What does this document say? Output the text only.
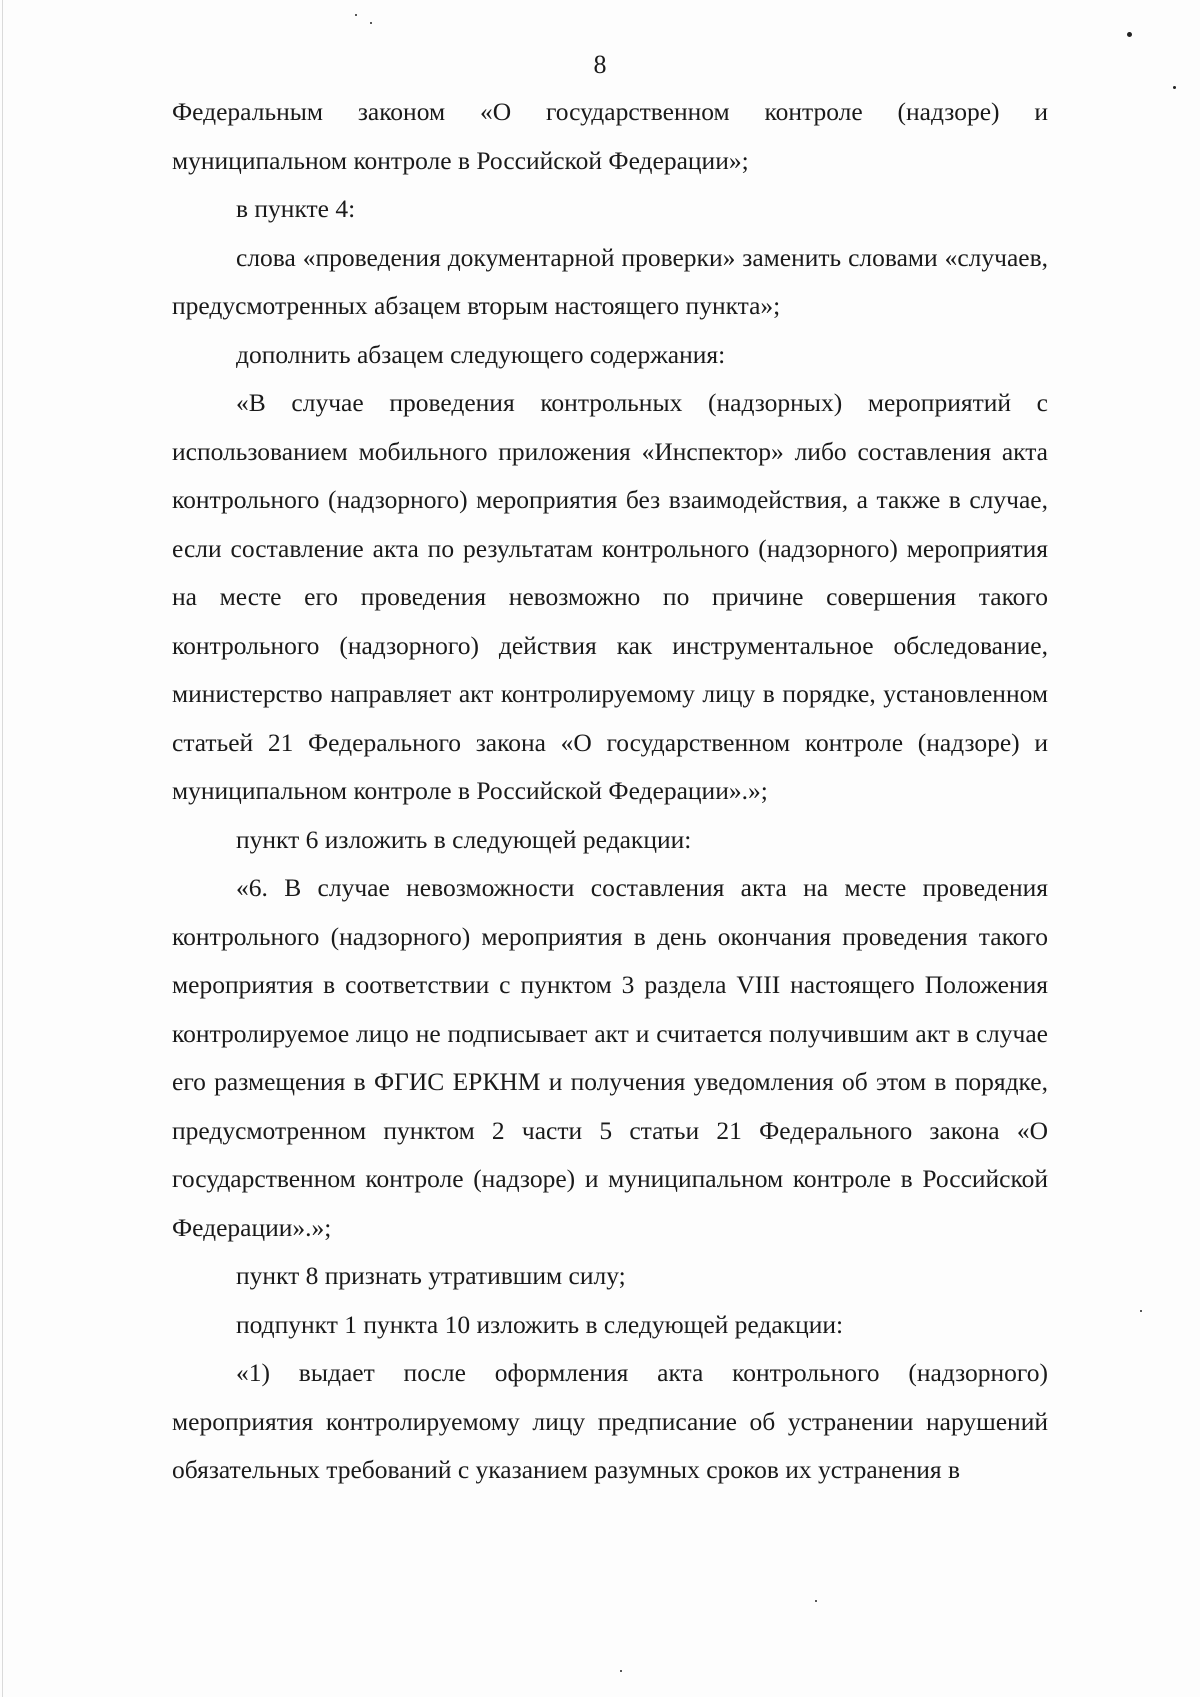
8

Федеральным законом «О государственном контроле (надзоре) и муниципальном контроле в Российской Федерации»;

в пункте 4:

слова «проведения документарной проверки» заменить словами «случаев, предусмотренных абзацем вторым настоящего пункта»;

дополнить абзацем следующего содержания:

«В случае проведения контрольных (надзорных) мероприятий с использованием мобильного приложения «Инспектор» либо составления акта контрольного (надзорного) мероприятия без взаимодействия, а также в случае, если составление акта по результатам контрольного (надзорного) мероприятия на месте его проведения невозможно по причине совершения такого контрольного (надзорного) действия как инструментальное обследование, министерство направляет акт контролируемому лицу в порядке, установленном статьей 21 Федерального закона «О государственном контроле (надзоре) и муниципальном контроле в Российской Федерации».»;

пункт 6 изложить в следующей редакции:

«6. В случае невозможности составления акта на месте проведения контрольного (надзорного) мероприятия в день окончания проведения такого мероприятия в соответствии с пунктом 3 раздела VIII настоящего Положения контролируемое лицо не подписывает акт и считается получившим акт в случае его размещения в ФГИС ЕРКНМ и получения уведомления об этом в порядке, предусмотренном пунктом 2 части 5 статьи 21 Федерального закона «О государственном контроле (надзоре) и муниципальном контроле в Российской Федерации».»;

пункт 8 признать утратившим силу;

подпункт 1 пункта 10 изложить в следующей редакции:

«1) выдает после оформления акта контрольного (надзорного) мероприятия контролируемому лицу предписание об устранении нарушений обязательных требований с указанием разумных сроков их устранения в
